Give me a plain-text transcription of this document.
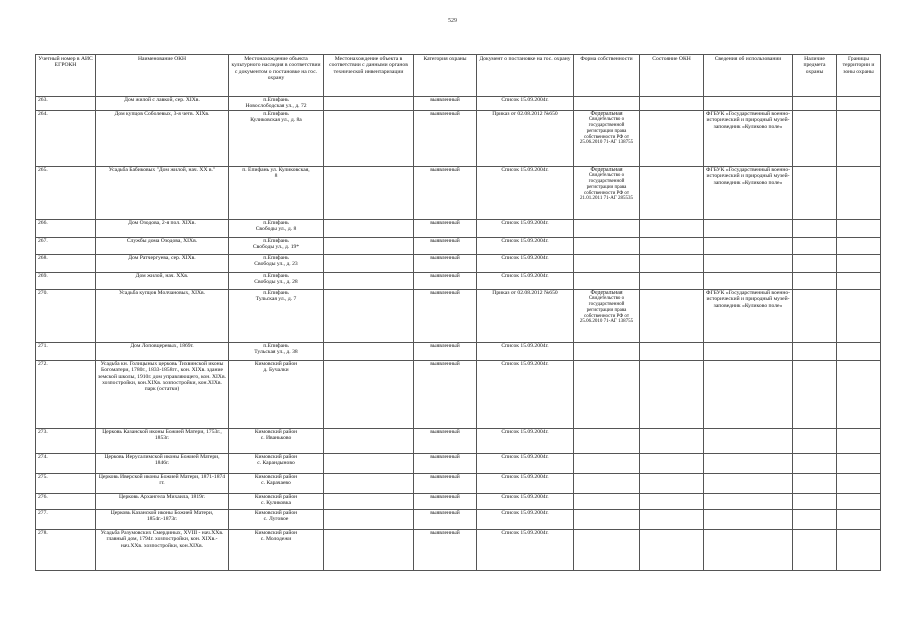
529
Учетный номер в АИС ЕГРОКН	Наименование ОКН	Местонахождение объекта культурного наследия в соответствии с документом о постановке на гос. охрану	Местонахождение объекта в соответствии с данными органов технической инвентаризации	Категория охраны	Документ о постановке на гос. охрану	Форма собственности	Состояние ОКН	Сведения об использовании	Наличие предмета охраны	Границы территории и зоны охраны
263.	Дом жилой с лавкой, сер. XIXв.	п.Епифань
Новослободская ул., д. 72		выявленный	Список 15.09.2004г.	

264.	Дом купцов Соболевых, 3-я четв. XIXв.	п.Епифань
Куликовская ул., д. 8а		выявленный	Приказ от 02.08.2012 №650	Федеральная
Свидетельство о государственной регистрации права собственности РФ от 25.06.2010 71-АГ 138755		ФГБУК «Государственный военно-исторический и природный музей-заповедник «Куликово поле»		
265.	Усадьба Бабиковых "Дом жилой, нач. XX в."	п. Епифань ул. Куликовская,
8		выявленный	Список 15.09.2004г.	Федеральная
Свидетельство о государственной регистрации права собственности РФ от 21.01.2011 71-АГ 285535		ФГБУК «Государственный военно-исторический и природный музей-заповедник «Куликово поле»		
266.	Дом Озодова, 2-я пол. XIXв.	п.Епифань
Свободы ул., д. 8		выявленный	Список 15.09.2004г.	

267.	Службы дома Озодова, XIXв.	п.Епифань
Свободы ул., д. 19*		выявленный	Список 15.09.2004г.	

268.	Дом Ратчергуева, сер. XIXв.	п.Епифань
Свободы ул., д. 23		выявленный	Список 15.09.2004г.	

269.	Дом жилой, нач. XXв.	п.Епифань
Свободы ул., д. 28		выявленный	Список 15.09.2004г.	

270.	Усадьба купцов Молчановых, XIXв.	п.Епифань
Тульская ул., д. 7		выявленный	Приказ от 02.08.2012 №650	Федеральная
Свидетельство о государственной регистрации права собственности РФ от 25.06.2010 71-АГ 138755		ФГБУК «Государственный военно-исторический и природный музей-заповедник «Куликово поле»		
271.	Дом Лоповцеревых, 1869г.	п.Епифань
Тульская ул., д. 38		выявленный	Список 15.09.2004г.	

272.	Усадьба кн. Голицыных церковь Тихвинской иконы Богоматери, 1780г., 1833-1858гг., кон. XIXв. здание земской школы, 1910г. дом управляющего, кон. XIXв. хозпостройки, кон.XIXв. хозпостройки, кон.XIXв. парк (остатки)	Кимовский район
д. Бучалки		выявленный	Список 15.09.2004г.	

273.	Церковь Казанской иконы Божией Матери, 1753г., 1853г.	Кимовский район
с. Иваньково		выявленный	Список 15.09.2004г.	

274.	Церковь Иерусалимской иконы Божией Матери, 1846г.	Кимовский район
с. Карандыново		выявленный	Список 15.09.2004г.	

275.	Церковь Иверской иконы Божией Матери, 1871-1874 гг.	Кимовский район
с. Карачаево		выявленный	Список 15.09.2004г.	

276.	Церковь Архангела Михаила, 1819г.	Кимовский район
с. Куликовка		выявленный	Список 15.09.2004г.	

277.	Церковь Казанской иконы Божией Матери, 1854г.-1873г.	Кимовский район
с. Луговое		выявленный	Список 15.09.2004г.	

278.	Усадьба Разумовских Смердиных, XVIII - нач.XXв. главный дом, 1794г. хозпостройки, кон. XIXв.- нач.XXв. хозпостройки, кон.XIXв.	Кимовский район
с. Молодежи		выявленный	Список 15.09.2004г.	
